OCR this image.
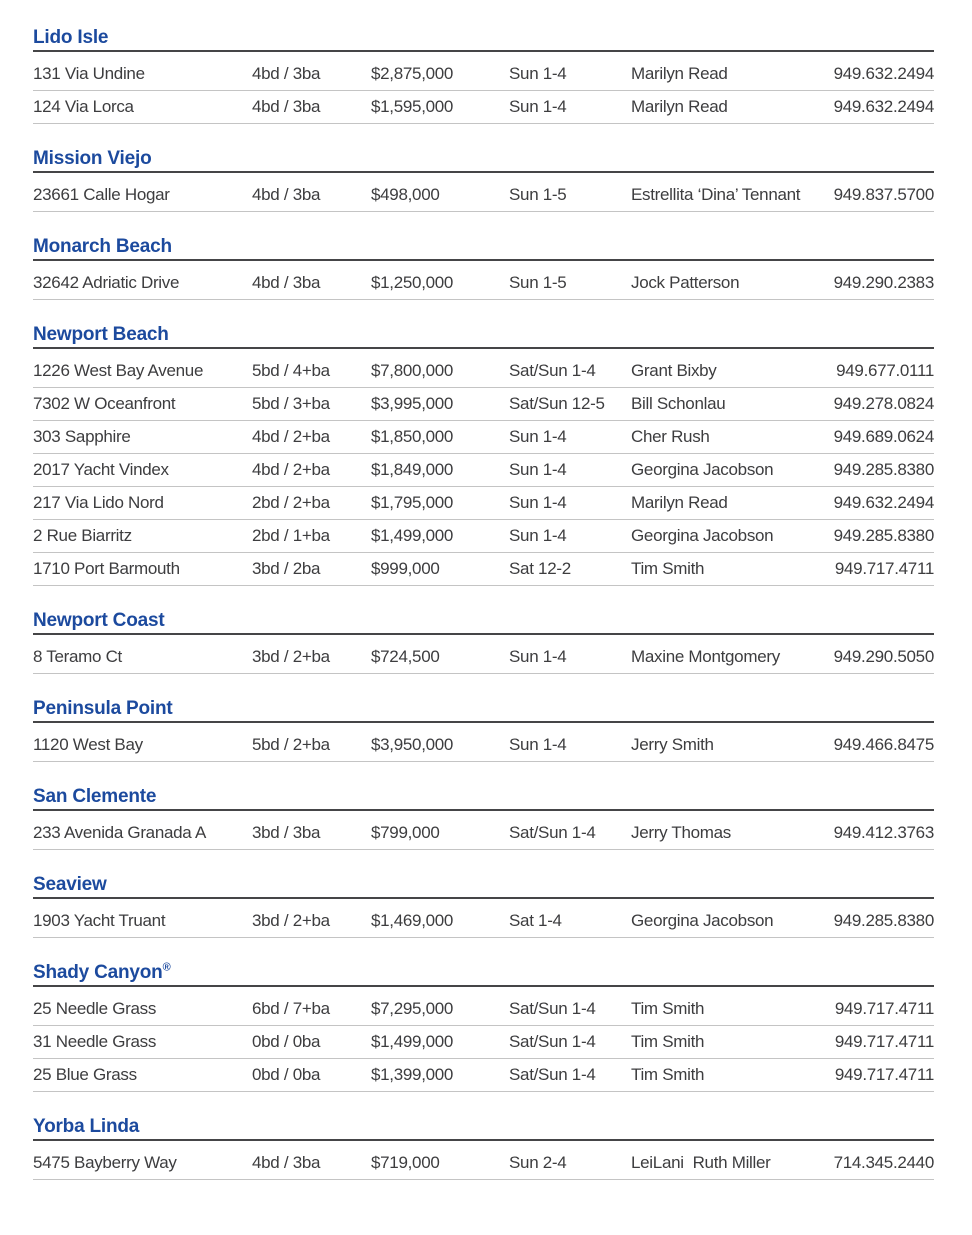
Lido Isle
131 Via Undine	4bd / 3ba	$2,875,000	Sun 1-4	Marilyn Read	949.632.2494
124 Via Lorca	4bd / 3ba	$1,595,000	Sun 1-4	Marilyn Read	949.632.2494
Mission Viejo
23661 Calle Hogar	4bd / 3ba	$498,000	Sun 1-5	Estrellita ‘Dina’ Tennant	949.837.5700
Monarch Beach
32642 Adriatic Drive	4bd / 3ba	$1,250,000	Sun 1-5	Jock Patterson	949.290.2383
Newport Beach
1226 West Bay Avenue	5bd / 4+ba	$7,800,000	Sat/Sun 1-4	Grant Bixby	949.677.0111
7302 W Oceanfront	5bd / 3+ba	$3,995,000	Sat/Sun 12-5	Bill Schonlau	949.278.0824
303 Sapphire	4bd / 2+ba	$1,850,000	Sun 1-4	Cher Rush	949.689.0624
2017 Yacht Vindex	4bd / 2+ba	$1,849,000	Sun 1-4	Georgina Jacobson	949.285.8380
217 Via Lido Nord	2bd / 2+ba	$1,795,000	Sun 1-4	Marilyn Read	949.632.2494
2 Rue Biarritz	2bd / 1+ba	$1,499,000	Sun 1-4	Georgina Jacobson	949.285.8380
1710 Port Barmouth	3bd / 2ba	$999,000	Sat 12-2	Tim Smith	949.717.4711
Newport Coast
8 Teramo Ct	3bd / 2+ba	$724,500	Sun 1-4	Maxine Montgomery	949.290.5050
Peninsula Point
1120 West Bay	5bd / 2+ba	$3,950,000	Sun 1-4	Jerry Smith	949.466.8475
San Clemente
233 Avenida Granada A	3bd / 3ba	$799,000	Sat/Sun 1-4	Jerry Thomas	949.412.3763
Seaview
1903 Yacht Truant	3bd / 2+ba	$1,469,000	Sat 1-4	Georgina Jacobson	949.285.8380
Shady Canyon®
25 Needle Grass	6bd / 7+ba	$7,295,000	Sat/Sun 1-4	Tim Smith	949.717.4711
31 Needle Grass	0bd / 0ba	$1,499,000	Sat/Sun 1-4	Tim Smith	949.717.4711
25 Blue Grass	0bd / 0ba	$1,399,000	Sat/Sun 1-4	Tim Smith	949.717.4711
Yorba Linda
5475 Bayberry Way	4bd / 3ba	$719,000	Sun 2-4	LeiLani  Ruth Miller	714.345.2440
